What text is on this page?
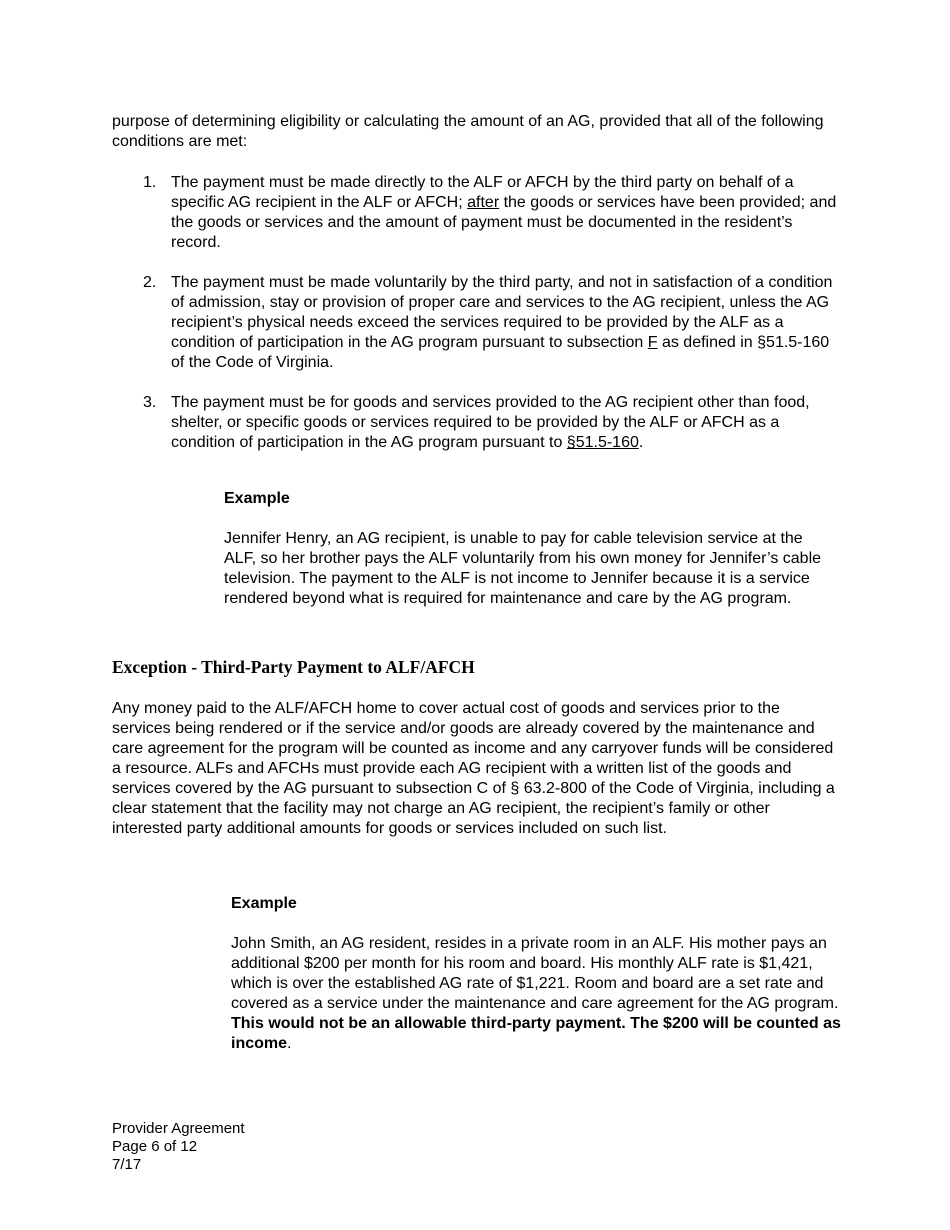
purpose of determining eligibility or calculating the amount of an AG, provided that all of the following conditions are met:

1. The payment must be made directly to the ALF or AFCH by the third party on behalf of a specific AG recipient in the ALF or AFCH; after the goods or services have been provided; and the goods or services and the amount of payment must be documented in the resident’s record.
2. The payment must be made voluntarily by the third party, and not in satisfaction of a condition of admission, stay or provision of proper care and services to the AG recipient, unless the AG recipient’s physical needs exceed the services required to be provided by the ALF as a condition of participation in the AG program pursuant to subsection F as defined in §51.5-160 of the Code of Virginia.
3. The payment must be for goods and services provided to the AG recipient other than food, shelter, or specific goods or services required to be provided by the ALF or AFCH as a condition of participation in the AG program pursuant to §51.5-160.

Example

Jennifer Henry, an AG recipient, is unable to pay for cable television service at the ALF, so her brother pays the ALF voluntarily from his own money for Jennifer’s cable television. The payment to the ALF is not income to Jennifer because it is a service rendered beyond what is required for maintenance and care by the AG program.

Exception - Third-Party Payment to ALF/AFCH

Any money paid to the ALF/AFCH home to cover actual cost of goods and services prior to the services being rendered or if the service and/or goods are already covered by the maintenance and care agreement for the program will be counted as income and any carryover funds will be considered a resource. ALFs and AFCHs must provide each AG recipient with a written list of the goods and services covered by the AG pursuant to subsection C of § 63.2-800 of the Code of Virginia, including a clear statement that the facility may not charge an AG recipient, the recipient’s family or other interested party additional amounts for goods or services included on such list.

Example

John Smith, an AG resident, resides in a private room in an ALF. His mother pays an additional $200 per month for his room and board. His monthly ALF rate is $1,421, which is over the established AG rate of $1,221. Room and board are a set rate and covered as a service under the maintenance and care agreement for the AG program. This would not be an allowable third-party payment. The $200 will be counted as income.

Provider Agreement
Page 6 of 12
7/17
